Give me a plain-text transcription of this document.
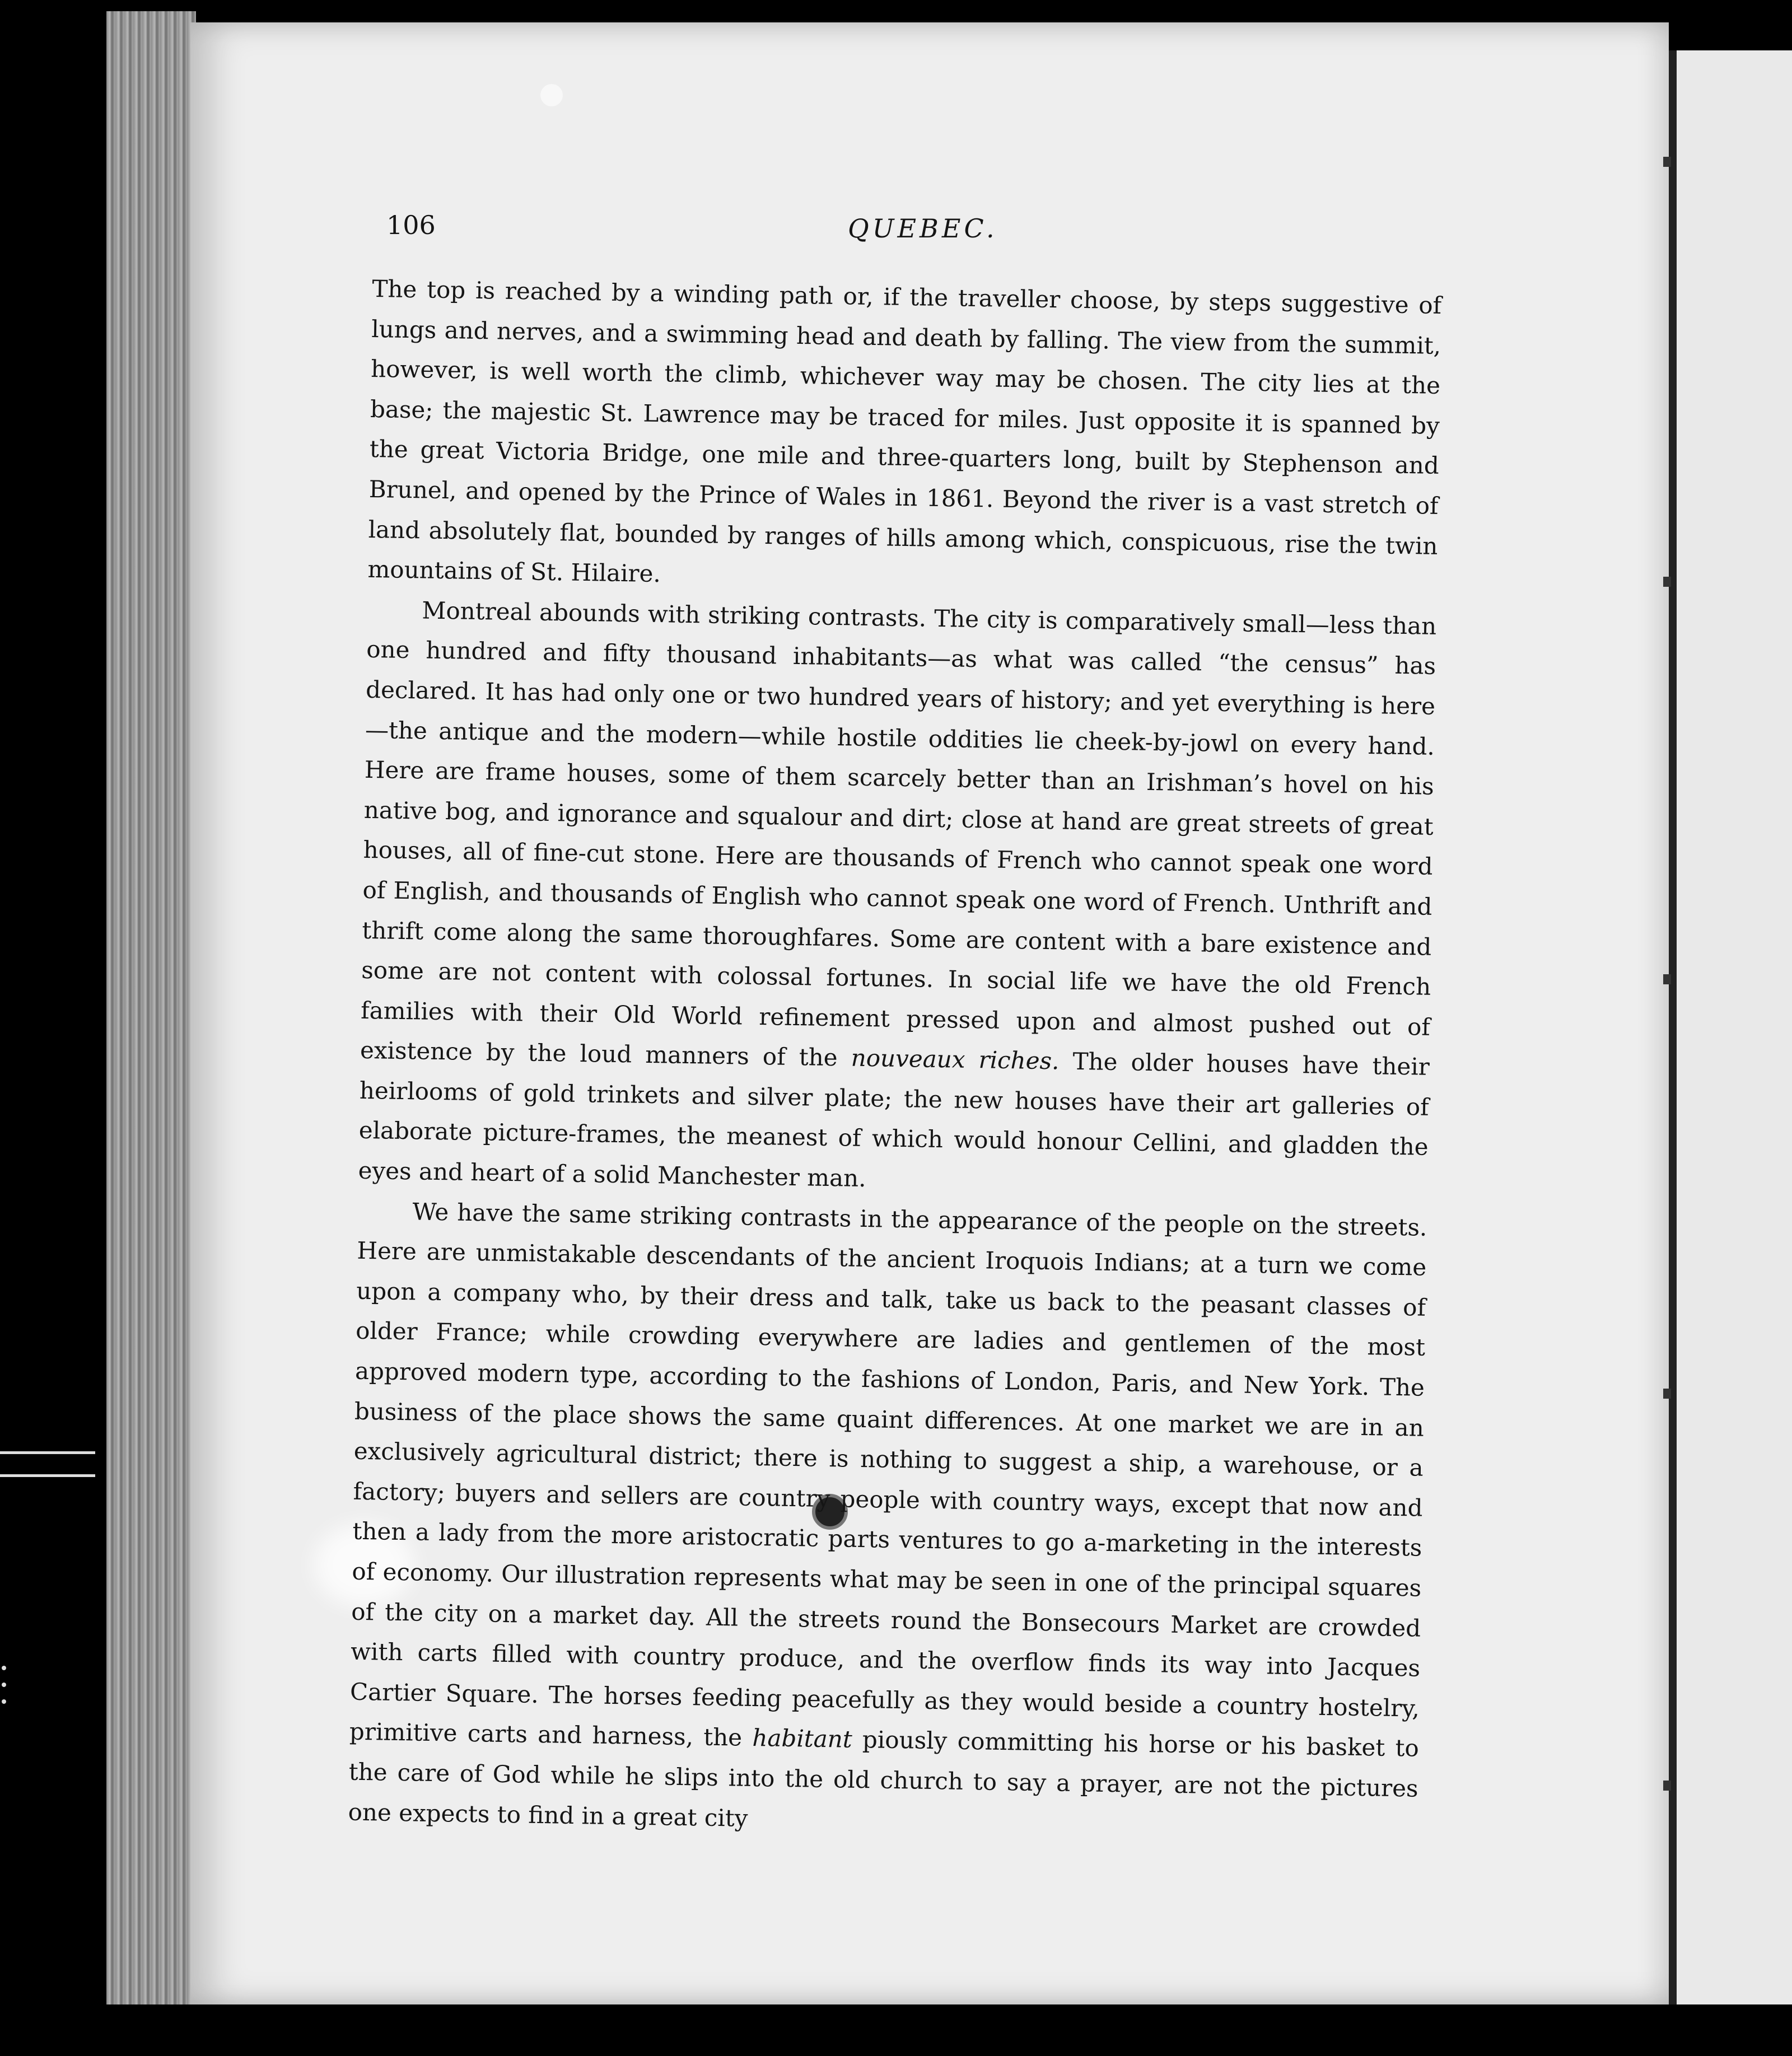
106	QUEBEC.

The top is reached by a winding path or, if the traveller choose, by steps suggestive of lungs and nerves, and a swimming head and death by falling. The view from the summit, however, is well worth the climb, whichever way may be chosen. The city lies at the base; the majestic St. Lawrence may be traced for miles. Just opposite it is spanned by the great Victoria Bridge, one mile and three-quarters long, built by Stephenson and Brunel, and opened by the Prince of Wales in 1861. Beyond the river is a vast stretch of land absolutely flat, bounded by ranges of hills among which, conspicuous, rise the twin mountains of St. Hilaire.

Montreal abounds with striking contrasts. The city is comparatively small—less than one hundred and fifty thousand inhabitants—as what was called “the census” has declared. It has had only one or two hundred years of history; and yet everything is here—the antique and the modern—while hostile oddities lie cheek-by-jowl on every hand. Here are frame houses, some of them scarcely better than an Irishman’s hovel on his native bog, and ignorance and squalour and dirt; close at hand are great streets of great houses, all of fine-cut stone. Here are thousands of French who cannot speak one word of English, and thousands of English who cannot speak one word of French. Unthrift and thrift come along the same thoroughfares. Some are content with a bare existence and some are not content with colossal fortunes. In social life we have the old French families with their Old World refinement pressed upon and almost pushed out of existence by the loud manners of the nouveaux riches. The older houses have their heirlooms of gold trinkets and silver plate; the new houses have their art galleries of elaborate picture-frames, the meanest of which would honour Cellini, and gladden the eyes and heart of a solid Manchester man.

We have the same striking contrasts in the appearance of the people on the streets. Here are unmistakable descendants of the ancient Iroquois Indians; at a turn we come upon a company who, by their dress and talk, take us back to the peasant classes of older France; while crowding everywhere are ladies and gentlemen of the most approved modern type, according to the fashions of London, Paris, and New York. The business of the place shows the same quaint differences. At one market we are in an exclusively agricultural district; there is nothing to suggest a ship, a warehouse, or a factory; buyers and sellers are country people with country ways, except that now and then a lady from the more aristocratic parts ventures to go a-marketing in the interests of economy. Our illustration represents what may be seen in one of the principal squares of the city on a market day. All the streets round the Bonsecours Market are crowded with carts filled with country produce, and the overflow finds its way into Jacques Cartier Square. The horses feeding peacefully as they would beside a country hostelry, primitive carts and harness, the habitant piously committing his horse or his basket to the care of God while he slips into the old church to say a prayer, are not the pictures one expects to find in a great city
